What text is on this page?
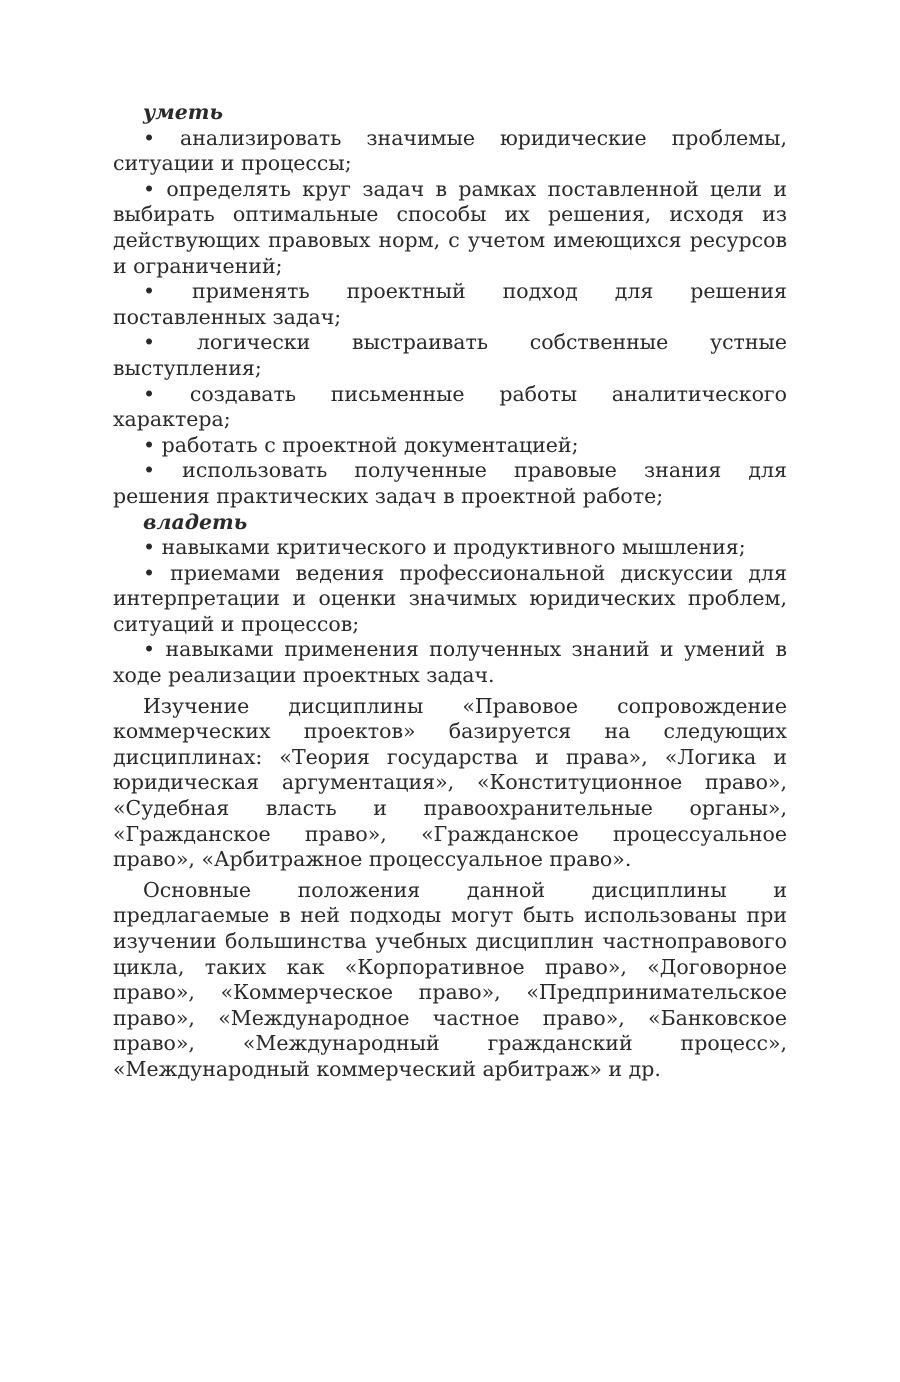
уметь

• анализировать значимые юридические проблемы, ситуации и процессы;

• определять круг задач в рамках поставленной цели и выбирать оптимальные способы их решения, исходя из действующих правовых норм, с учетом имеющихся ресурсов и ограничений;

• применять проектный подход для решения поставленных задач;

• логически выстраивать собственные устные выступления;

• создавать письменные работы аналитического характера;

• работать с проектной документацией;

• использовать полученные правовые знания для решения практических задач в проектной работе;

владеть

• навыками критического и продуктивного мышления;

• приемами ведения профессиональной дискуссии для интерпретации и оценки значимых юридических проблем, ситуаций и процессов;

• навыками применения полученных знаний и умений в ходе реализации проектных задач.

Изучение дисциплины «Правовое сопровождение коммерческих проектов» базируется на следующих дисциплинах: «Теория государства и права», «Логика и юридическая аргументация», «Конституционное право», «Судебная власть и правоохранительные органы», «Гражданское право», «Гражданское процессуальное право», «Арбитражное процессуальное право».

Основные положения данной дисциплины и предлагаемые в ней подходы могут быть использованы при изучении большинства учебных дисциплин частноправового цикла, таких как «Корпоративное право», «Договорное право», «Коммерческое право», «Предпринимательское право», «Международное частное право», «Банковское право», «Международный гражданский процесс», «Международный коммерческий арбитраж» и др.
